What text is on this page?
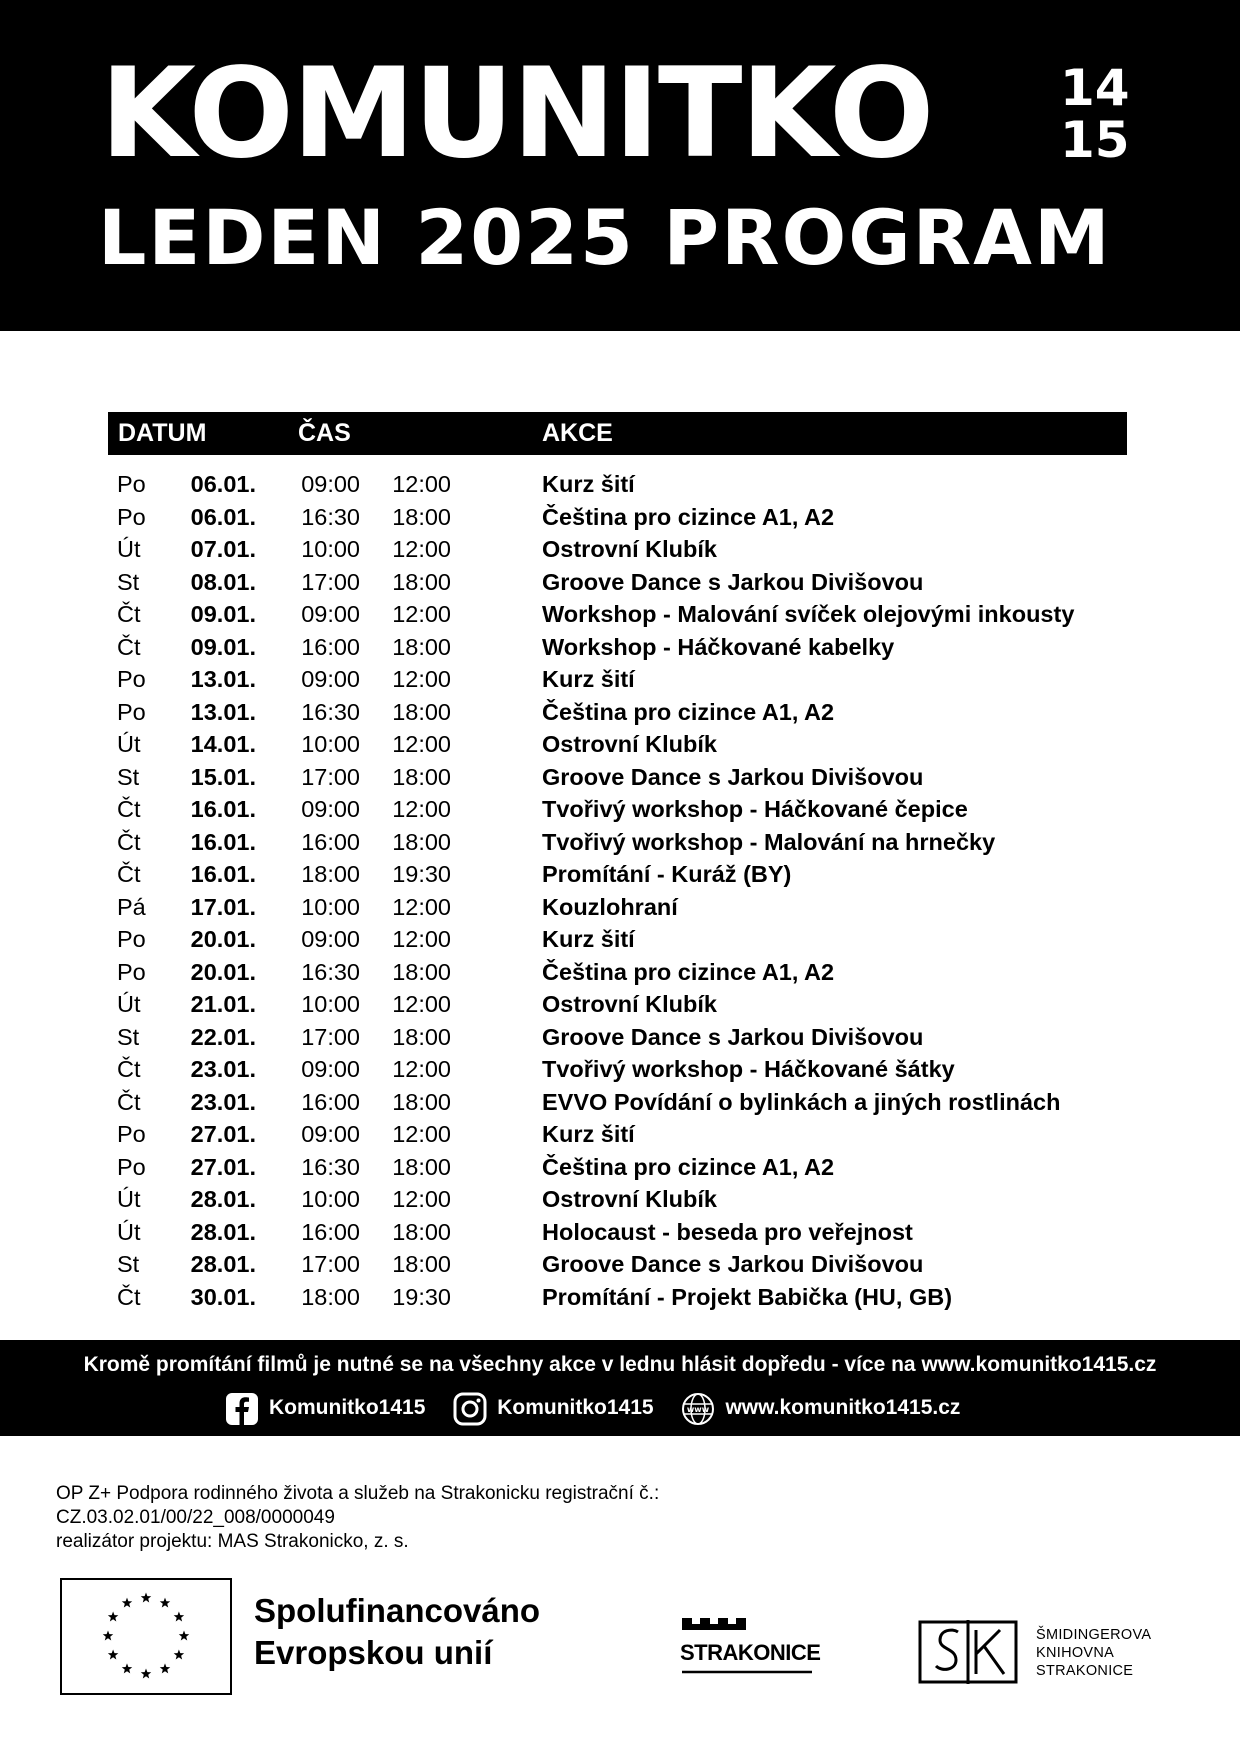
KOMUNITKO	14
15
LEDEN 2025 PROGRAM
DATUM	ČAS	AKCE
Po	06.01.	09:00 12:00	Kurz šití
Po	06.01.	16:30 18:00	Čeština pro cizince A1, A2
Út	07.01.	10:00 12:00	Ostrovní Klubík
St	08.01.	17:00 18:00	Groove Dance s Jarkou Divišovou
Čt	09.01.	09:00 12:00	Workshop - Malování svíček olejovými inkousty
Čt	09.01.	16:00 18:00	Workshop - Háčkované kabelky
Po	13.01.	09:00 12:00	Kurz šití
Po	13.01.	16:30 18:00	Čeština pro cizince A1, A2
Út	14.01.	10:00 12:00	Ostrovní Klubík
St	15.01.	17:00 18:00	Groove Dance s Jarkou Divišovou
Čt	16.01.	09:00 12:00	Tvořivý workshop - Háčkované čepice
Čt	16.01.	16:00 18:00	Tvořivý workshop - Malování na hrnečky
Čt	16.01.	18:00 19:30	Promítání - Kuráž (BY)
Pá	17.01.	10:00 12:00	Kouzlohraní
Po	20.01.	09:00 12:00	Kurz šití
Po	20.01.	16:30 18:00	Čeština pro cizince A1, A2
Út	21.01.	10:00 12:00	Ostrovní Klubík
St	22.01.	17:00 18:00	Groove Dance s Jarkou Divišovou
Čt	23.01.	09:00 12:00	Tvořivý workshop - Háčkované šátky
Čt	23.01.	16:00 18:00	EVVO Povídání o bylinkách a jiných rostlinách
Po	27.01.	09:00 12:00	Kurz šití
Po	27.01.	16:30 18:00	Čeština pro cizince A1, A2
Út	28.01.	10:00 12:00	Ostrovní Klubík
Út	28.01.	16:00 18:00	Holocaust - beseda pro veřejnost
St	28.01.	17:00 18:00	Groove Dance s Jarkou Divišovou
Čt	30.01.	18:00 19:30	Promítání - Projekt Babička (HU, GB)
Kromě promítání filmů je nutné se na všechny akce v lednu hlásit dopředu - více na www.komunitko1415.cz
Komunitko1415	Komunitko1415	www www.komunitko1415.cz
OP Z+ Podpora rodinného života a služeb na Strakonicku registrační č.:
CZ.03.02.01/00/22_008/0000049
realizátor projektu: MAS Strakonicko, z. s.
Spolufinancováno
Evropskou unií	STRAKONICE
ŠMIDINGEROVA
KNIHOVNA
STRAKONICE
